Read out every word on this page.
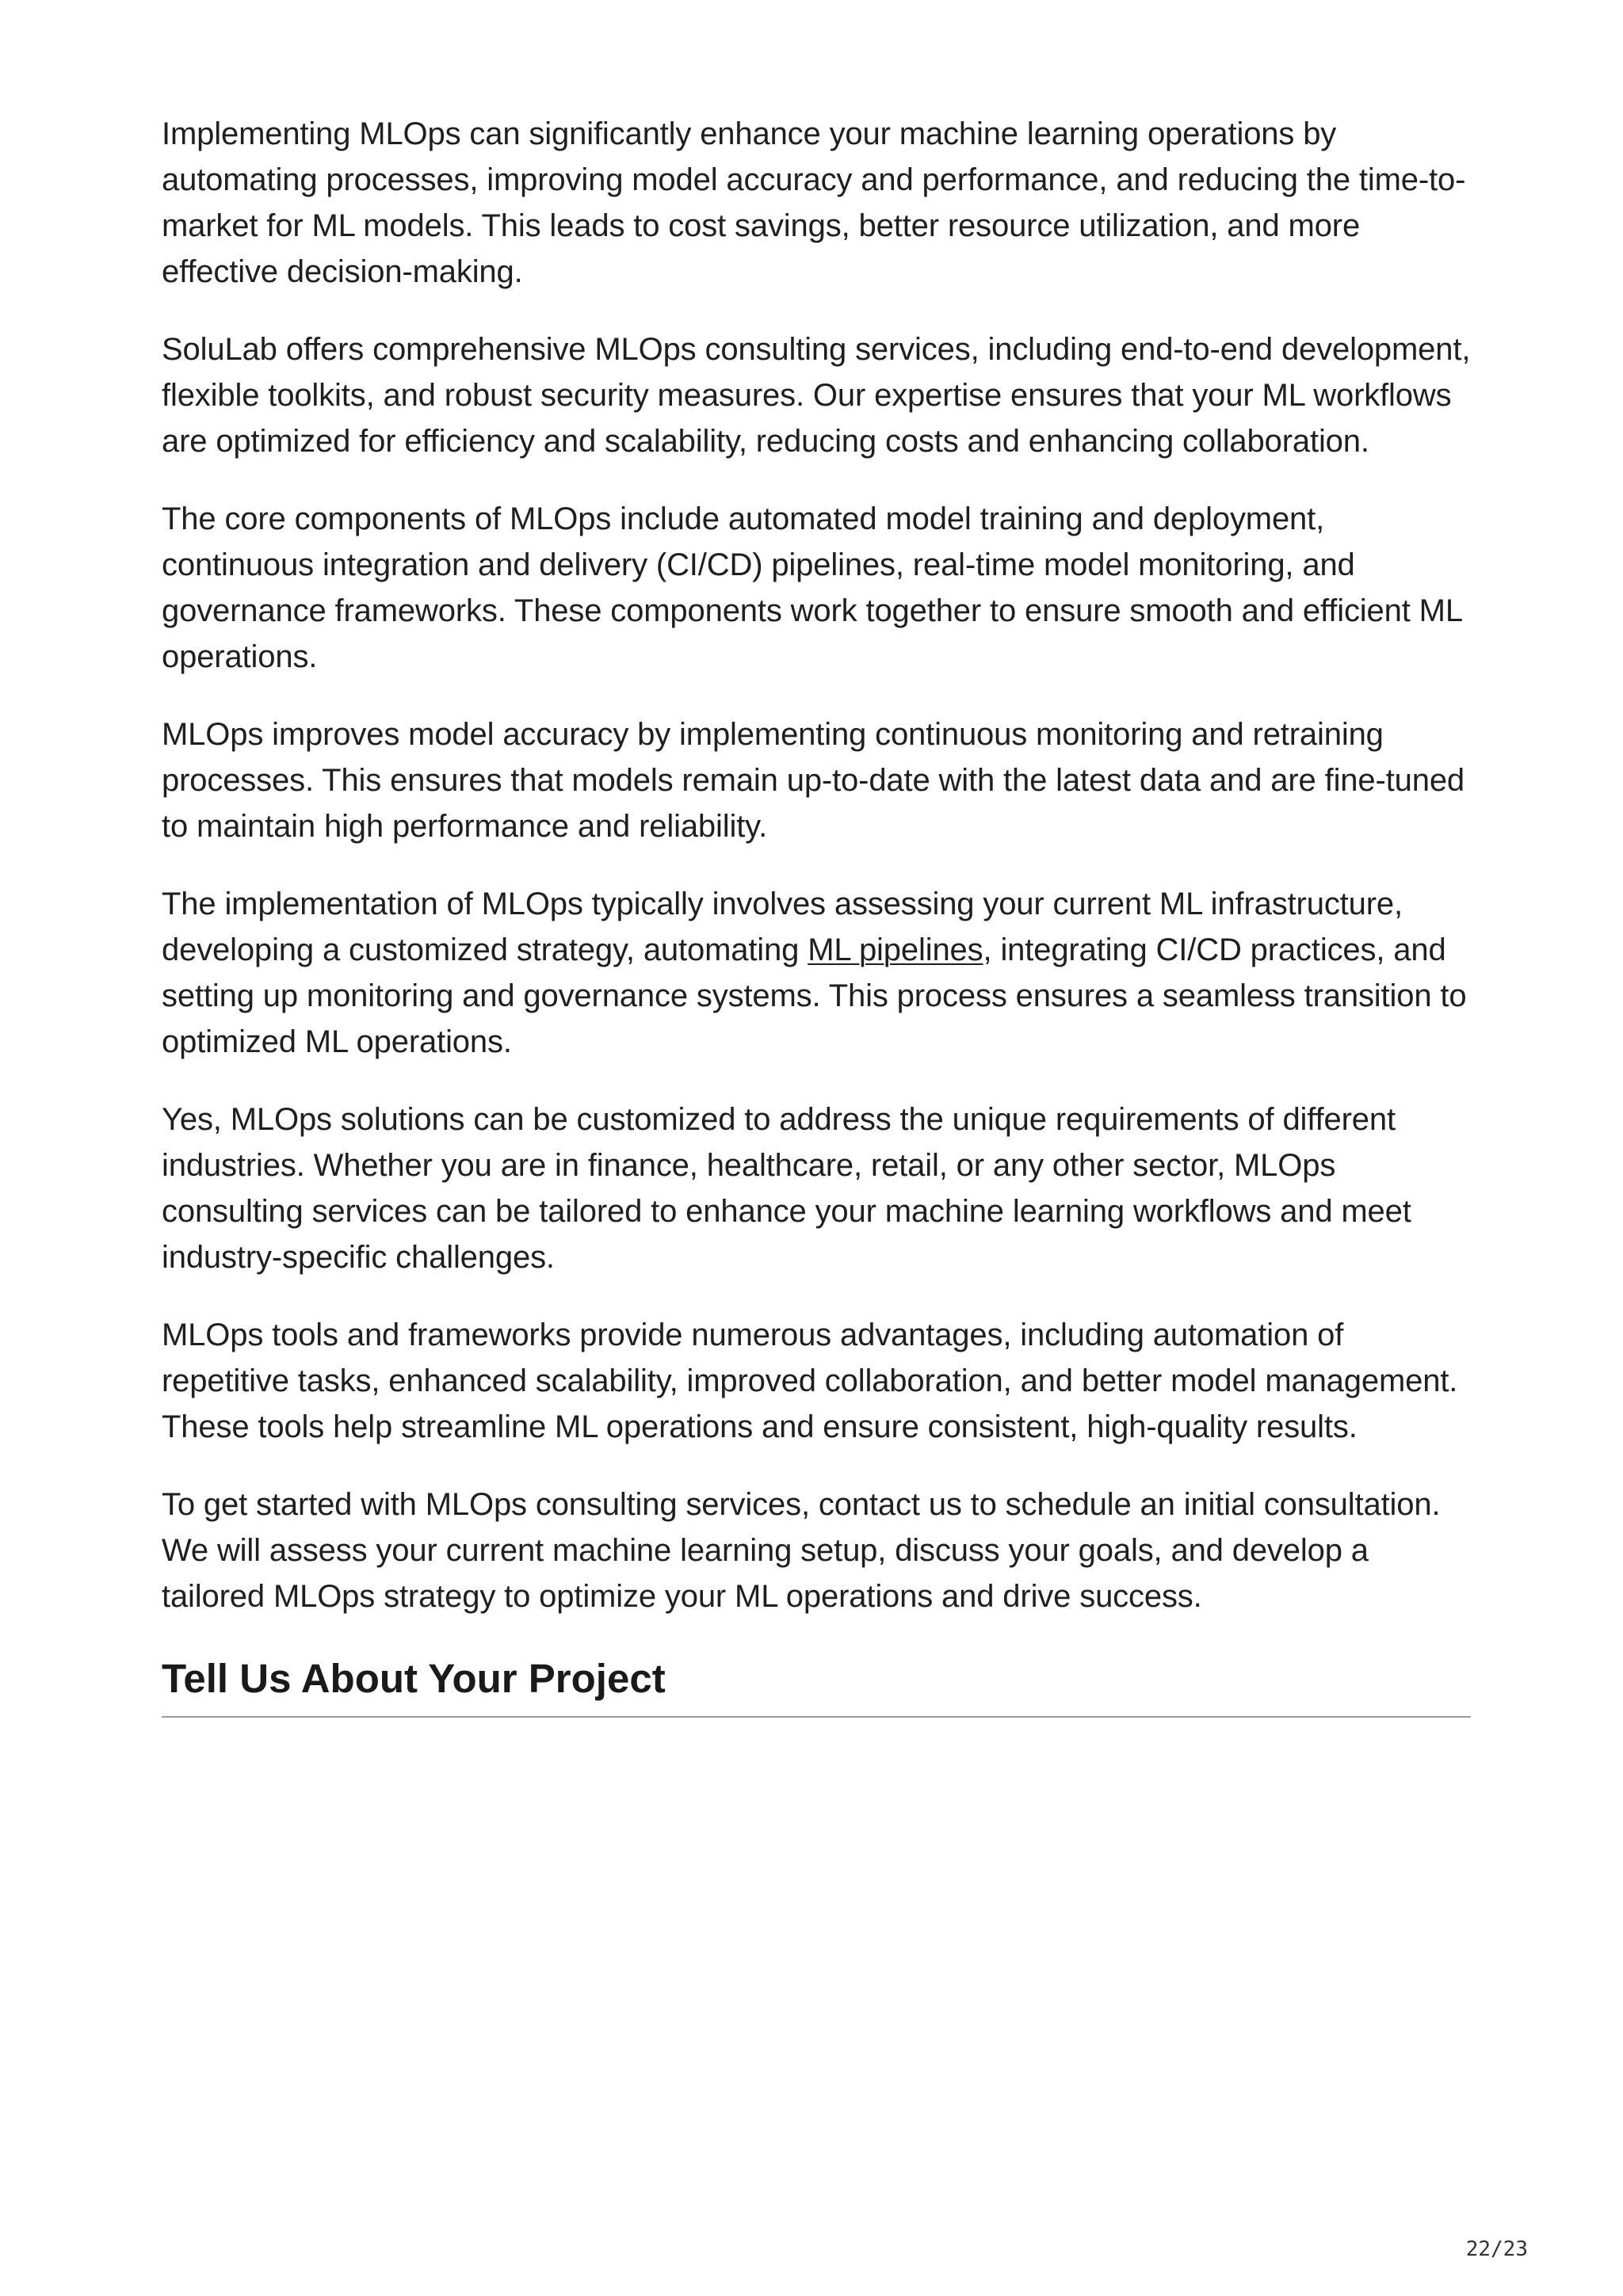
Implementing MLOps can significantly enhance your machine learning operations by automating processes, improving model accuracy and performance, and reducing the time-to-market for ML models. This leads to cost savings, better resource utilization, and more effective decision-making.

SoluLab offers comprehensive MLOps consulting services, including end-to-end development, flexible toolkits, and robust security measures. Our expertise ensures that your ML workflows are optimized for efficiency and scalability, reducing costs and enhancing collaboration.

The core components of MLOps include automated model training and deployment, continuous integration and delivery (CI/CD) pipelines, real-time model monitoring, and governance frameworks. These components work together to ensure smooth and efficient ML operations.

MLOps improves model accuracy by implementing continuous monitoring and retraining processes. This ensures that models remain up-to-date with the latest data and are fine-tuned to maintain high performance and reliability.

The implementation of MLOps typically involves assessing your current ML infrastructure, developing a customized strategy, automating ML pipelines, integrating CI/CD practices, and setting up monitoring and governance systems. This process ensures a seamless transition to optimized ML operations.

Yes, MLOps solutions can be customized to address the unique requirements of different industries. Whether you are in finance, healthcare, retail, or any other sector, MLOps consulting services can be tailored to enhance your machine learning workflows and meet industry-specific challenges.

MLOps tools and frameworks provide numerous advantages, including automation of repetitive tasks, enhanced scalability, improved collaboration, and better model management. These tools help streamline ML operations and ensure consistent, high-quality results.

To get started with MLOps consulting services, contact us to schedule an initial consultation. We will assess your current machine learning setup, discuss your goals, and develop a tailored MLOps strategy to optimize your ML operations and drive success.

Tell Us About Your Project
22/23
